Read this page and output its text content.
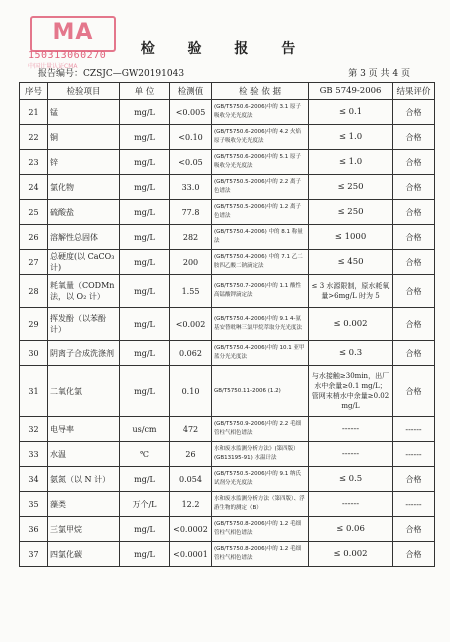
MA
150313060270
中国计量认证CMA
检 验 报 告
报告编号：CZSJC—GW20191043	第 3 页 共 4 页
序号	检验项目	单 位	检测值	检 验 依 据	GB 5749-2006	结果评价
21	锰	mg/L	<0.005	(GB/T5750.6-2006)中的 3.1 原子吸收分光光度法	≤ 0.1	合格
22	铜	mg/L	<0.10	(GB/T5750.6-2006)中的 4.2 火焰原子吸收分光光度法	≤ 1.0	合格
23	锌	mg/L	<0.05	(GB/T5750.6-2006)中的 5.1 原子吸收分光光度法	≤ 1.0	合格
24	氯化物	mg/L	33.0	(GB/T5750.5-2006)中的 2.2 离子色谱法	≤ 250	合格
25	硫酸盐	mg/L	77.8	(GB/T5750.5-2006)中的 1.2 离子色谱法	≤ 250	合格
26	溶解性总固体	mg/L	282	(GB/T5750.4-2006) 中的 8.1 称量法	≤ 1000	合格
27	总硬度(以 CaCO₃ 计)	mg/L	200	(GB/T5750.4-2006) 中的 7.1 乙二胺四乙酸二钠滴定法	≤ 450	合格
28	耗氧量（CODMn 法，以 O₂ 计）	mg/L	1.55	(GB/T5750.7-2006)中的 1.1 酸性高锰酸钾滴定法	≤ 3 水源限制，原水耗氧量>6mg/L 时为 5	合格
29	挥发酚（以苯酚计）	mg/L	<0.002	(GB/T5750.4-2006)中的 9.1 4-氨基安替吡啉三氯甲烷萃取分光光度法	≤ 0.002	合格
30	阴离子合成洗涤剂	mg/L	0.062	(GB/T5750.4-2006)中的 10.1 亚甲蓝分光光度法	≤ 0.3	合格
31	二氧化氯	mg/L	0.10	GB/T5750.11-2006 (1.2)	与水接触≥30min，出厂水中余量≥0.1 mg/L；管网末梢水中余量≥0.02 mg/L	合格
32	电导率	us/cm	472	(GB/T5750.9-2006)中的 2.2 毛细管柱气相色谱法	------	------
33	水温	℃	26	水和废水监测分析方法》(第四版）(GB13195-91) 水温计法	------	------
34	氨氮（以 N 计）	mg/L	0.054	(GB/T5750.5-2006)中的 9.1 纳氏试剂分光光度法	≤ 0.5	合格
35	藻类	万个/L	12.2	水和废水监测分析方法（第四版）、浮游生物的测定（B）	------	------
36	三氯甲烷	mg/L	<0.0002	(GB/T5750.8-2006)中的 1.2 毛细管柱气相色谱法	≤ 0.06	合格
37	四氯化碳	mg/L	<0.0001	(GB/T5750.8-2006)中的 1.2 毛细管柱气相色谱法	≤ 0.002	合格
